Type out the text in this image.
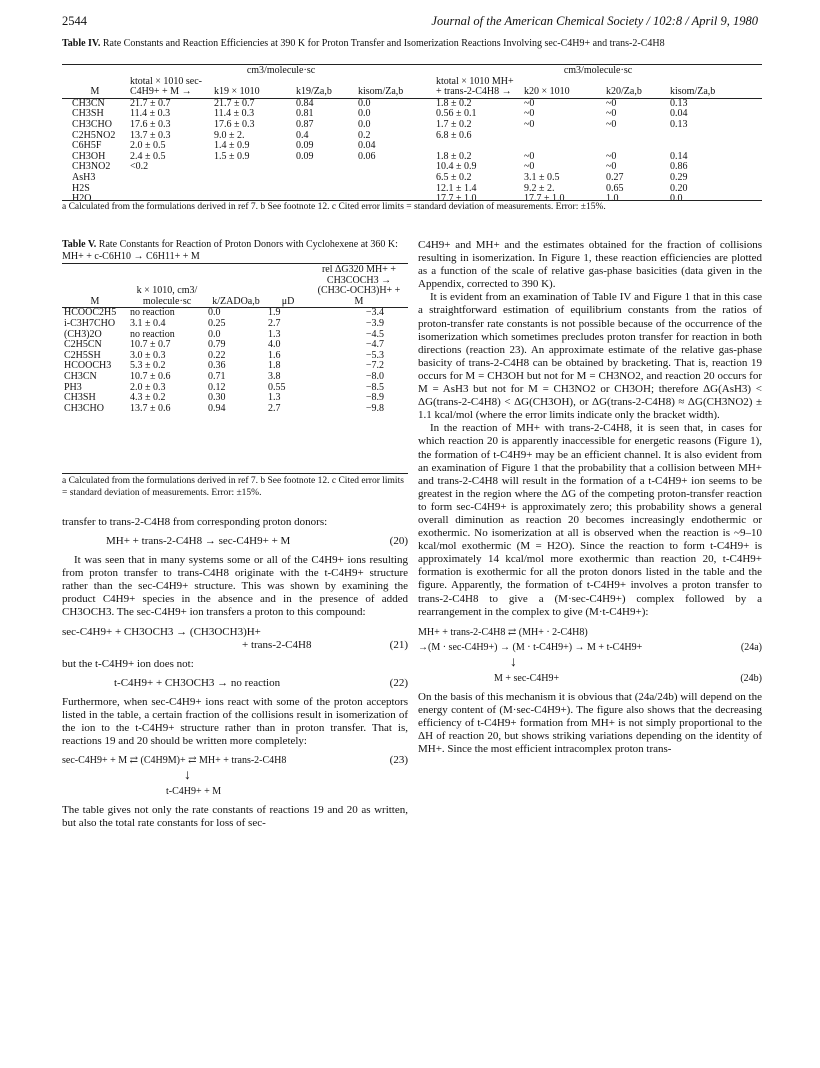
2544	Journal of the American Chemical Society / 102:8 / April 9, 1980
Table IV. Rate Constants and Reaction Efficiencies at 390 K for Proton Transfer and Isomerization Reactions Involving sec-C4H9+ and trans-2-C4H8
	cm3/molecule·sc				cm3/molecule·sc			
M	ktotal × 1010 sec-C4H9+ + M →	k19 × 1010	k19/Za,b	kisom/Za,b	ktotal × 1010 MH+ + trans-2-C4H8 →	k20 × 1010	k20/Za,b	kisom/Za,b
CH3CN	21.7 ± 0.7	21.7 ± 0.7	0.84	0.0	1.8 ± 0.2	~0	~0	0.13
CH3SH	11.4 ± 0.3	11.4 ± 0.3	0.81	0.0	0.56 ± 0.1	~0	~0	0.04
CH3CHO	17.6 ± 0.3	17.6 ± 0.3	0.87	0.0	1.7 ± 0.2	~0	~0	0.13
C2H5NO2	13.7 ± 0.3	9.0 ± 2.	0.4	0.2	6.8 ± 0.6			
C6H5F	2.0 ± 0.5	1.4 ± 0.9	0.09	0.04				
CH3OH	2.4 ± 0.5	1.5 ± 0.9	0.09	0.06	1.8 ± 0.2	~0	~0	0.14
CH3NO2	<0.2				10.4 ± 0.9	~0	~0	0.86
AsH3					6.5 ± 0.2	3.1 ± 0.5	0.27	0.29
H2S					12.1 ± 1.4	9.2 ± 2.	0.65	0.20
H2O					17.7 ± 1.0	17.7 ± 1.0	1.0	0.0
a Calculated from the formulations derived in ref 7. b See footnote 12. c Cited error limits = standard deviation of measurements. Error: ±15%.
Table V. Rate Constants for Reaction of Proton Donors with Cyclohexene at 360 K: MH+ + c-C6H10 → C6H11+ + M
M	k × 1010, cm3/ molecule·sc	k/ZADOa,b	μD	rel ΔG320 MH+ + CH3COCH3 → (CH3C-OCH3)H+ + M
HCOOC2H5	no reaction	0.0	1.9	−3.4
i-C3H7CHO	3.1 ± 0.4	0.25	2.7	−3.9
(CH3)2O	no reaction	0.0	1.3	−4.5
C2H5CN	10.7 ± 0.7	0.79	4.0	−4.7
C2H5SH	3.0 ± 0.3	0.22	1.6	−5.3
HCOOCH3	5.3 ± 0.2	0.36	1.8	−7.2
CH3CN	10.7 ± 0.6	0.71	3.8	−8.0
PH3	2.0 ± 0.3	0.12	0.55	−8.5
CH3SH	4.3 ± 0.2	0.30	1.3	−8.9
CH3CHO	13.7 ± 0.6	0.94	2.7	−9.8
a Calculated from the formulations derived in ref 7. b See footnote 12. c Cited error limits = standard deviation of measurements. Error: ±15%.

transfer to trans-2-C4H8 from corresponding proton donors:

MH+ + trans-2-C4H8 → sec-C4H9+ + M	(20)

It was seen that in many systems some or all of the C4H9+ ions resulting from proton transfer to trans-C4H8 originate with the t-C4H9+ structure rather than the sec-C4H9+ structure. This was shown by examining the product C4H9+ species in the absence and in the presence of added CH3OCH3. The sec-C4H9+ ion transfers a proton to this compound:

sec-C4H9+ + CH3OCH3 → (CH3OCH3)H+
+ trans-2-C4H8	(21)

but the t-C4H9+ ion does not:

t-C4H9+ + CH3OCH3 → no reaction	(22)

Furthermore, when sec-C4H9+ ions react with some of the proton acceptors listed in the table, a certain fraction of the collisions result in isomerization of the ion to the t-C4H9+ structure rather than in proton transfer. That is, reactions 19 and 20 should be written more completely:

sec-C4H9+ + M ⇄ (C4H9M)+ ⇄ MH+ + trans-2-C4H8	(23)
↓
t-C4H9+ + M

The table gives not only the rate constants of reactions 19 and 20 as written, but also the total rate constants for loss of sec-

C4H9+ and MH+ and the estimates obtained for the fraction of collisions resulting in isomerization. In Figure 1, these reaction efficiencies are plotted as a function of the scale of relative gas-phase basicities (data given in the Appendix, corrected to 390 K).

It is evident from an examination of Table IV and Figure 1 that in this case a straightforward estimation of equilibrium constants from the ratios of proton-transfer rate constants is not possible because of the occurrence of the isomerization which sometimes precludes proton transfer for reaction in both directions (reaction 23). An approximate estimate of the relative gas-phase basicity of trans-2-C4H8 can be obtained by bracketing. That is, reaction 19 occurs for M = CH3OH but not for M = CH3NO2, and reaction 20 occurs for M = AsH3 but not for M = CH3NO2 or CH3OH; therefore ΔG(AsH3) < ΔG(trans-2-C4H8) < ΔG(CH3OH), or ΔG(trans-2-C4H8) ≈ ΔG(CH3NO2) ± 1.1 kcal/mol (where the error limits indicate only the bracket width).

In the reaction of MH+ with trans-2-C4H8, it is seen that, in cases for which reaction 20 is apparently inaccessible for energetic reasons (Figure 1), the formation of t-C4H9+ may be an efficient channel. It is also evident from an examination of Figure 1 that the probability that a collision between MH+ and trans-2-C4H8 will result in the formation of a t-C4H9+ ion seems to be greatest in the region where the ΔG of the competing proton-transfer reaction to form sec-C4H9+ is approximately zero; this probability shows a general overall diminution as reaction 20 becomes increasingly endothermic or exothermic. No isomerization at all is observed when the reaction is ~9–10 kcal/mol exothermic (M = H2O). Since the reaction to form t-C4H9+ is approximately 14 kcal/mol more exothermic than reaction 20, t-C4H9+ formation is exothermic for all the proton donors listed in the table and the figure. Apparently, the formation of t-C4H9+ involves a proton transfer to trans-2-C4H8 to give a (M·sec-C4H9+) complex followed by a rearrangement in the complex to give (M·t-C4H9+):

MH+ + trans-2-C4H8 ⇄ (MH+ · 2-C4H8)
→(M · sec-C4H9+) → (M · t-C4H9+) → M + t-C4H9+	(24a)
↓
M + sec-C4H9+	(24b)

On the basis of this mechanism it is obvious that (24a/24b) will depend on the energy content of (M·sec-C4H9+). The figure also shows that the decreasing efficiency of t-C4H9+ formation from MH+ is not simply proportional to the ΔH of reaction 20, but shows striking variations depending on the identity of MH+. Since the most efficient intracomplex proton trans-
